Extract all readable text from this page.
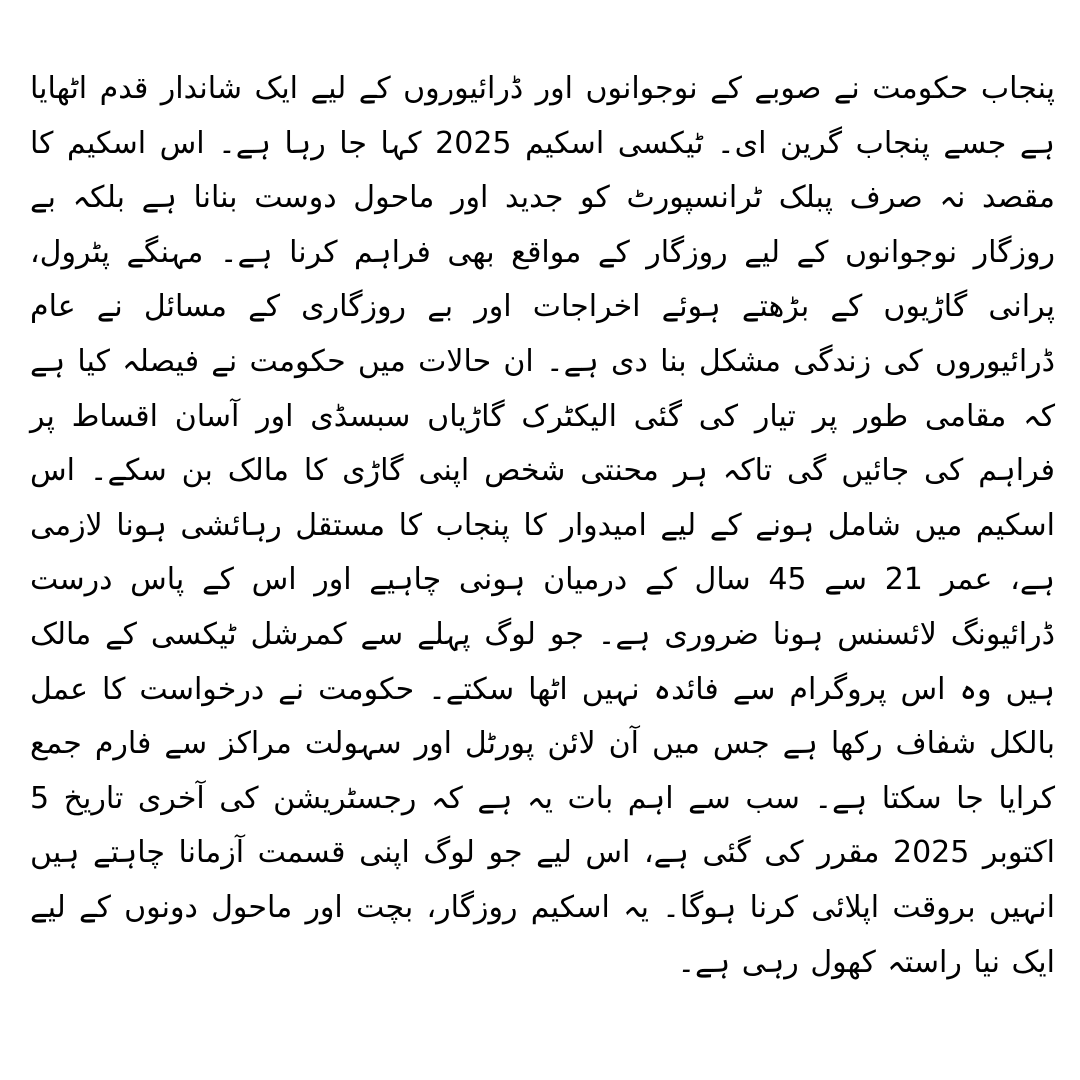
پنجاب حکومت نے صوبے کے نوجوانوں اور ڈرائیوروں کے لیے ایک شاندار قدم اٹھایا ہے جسے پنجاب گرین ای۔ ٹیکسی اسکیم 2025 کہا جا رہا ہے۔ اس اسکیم کا مقصد نہ صرف پبلک ٹرانسپورٹ کو جدید اور ماحول دوست بنانا ہے بلکہ بے روزگار نوجوانوں کے لیے روزگار کے مواقع بھی فراہم کرنا ہے۔ مہنگے پٹرول، پرانی گاڑیوں کے بڑھتے ہوئے اخراجات اور بے روزگاری کے مسائل نے عام ڈرائیوروں کی زندگی مشکل بنا دی ہے۔ ان حالات میں حکومت نے فیصلہ کیا ہے کہ مقامی طور پر تیار کی گئی الیکٹرک گاڑیاں سبسڈی اور آسان اقساط پر فراہم کی جائیں گی تاکہ ہر محنتی شخص اپنی گاڑی کا مالک بن سکے۔ اس اسکیم میں شامل ہونے کے لیے امیدوار کا پنجاب کا مستقل رہائشی ہونا لازمی ہے، عمر 21 سے 45 سال کے درمیان ہونی چاہیے اور اس کے پاس درست ڈرائیونگ لائسنس ہونا ضروری ہے۔ جو لوگ پہلے سے کمرشل ٹیکسی کے مالک ہیں وہ اس پروگرام سے فائدہ نہیں اٹھا سکتے۔ حکومت نے درخواست کا عمل بالکل شفاف رکھا ہے جس میں آن لائن پورٹل اور سہولت مراکز سے فارم جمع کرایا جا سکتا ہے۔ سب سے اہم بات یہ ہے کہ رجسٹریشن کی آخری تاریخ 5 اکتوبر 2025 مقرر کی گئی ہے، اس لیے جو لوگ اپنی قسمت آزمانا چاہتے ہیں انہیں بروقت اپلائی کرنا ہوگا۔ یہ اسکیم روزگار، بچت اور ماحول دونوں کے لیے ایک نیا راستہ کھول رہی ہے۔
